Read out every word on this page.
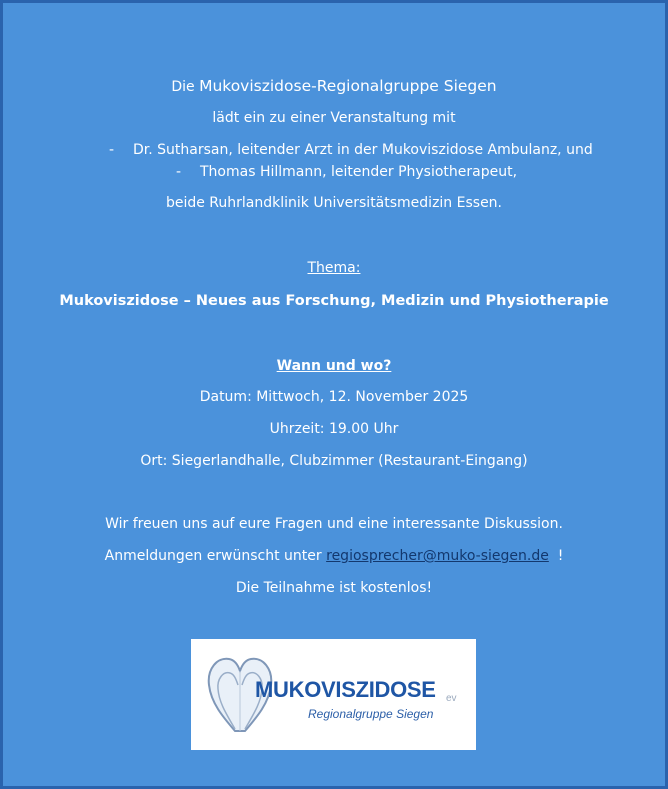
Die Mukoviszidose-Regionalgruppe Siegen
lädt ein zu einer Veranstaltung mit
- Dr. Sutharsan, leitender Arzt in der Mukoviszidose Ambulanz, und
- Thomas Hillmann, leitender Physiotherapeut,
beide Ruhrlandklinik Universitätsmedizin Essen.
Thema:
Mukoviszidose – Neues aus Forschung, Medizin und Physiotherapie
Wann und wo?
Datum: Mittwoch, 12. November 2025
Uhrzeit: 19.00 Uhr
Ort: Siegerlandhalle, Clubzimmer (Restaurant-Eingang)
Wir freuen uns auf eure Fragen und eine interessante Diskussion.
Anmeldungen erwünscht unter regiosprecher@muko-siegen.de  !
Die Teilnahme ist kostenlos!
MUKOVISZIDOSE ev
Regionalgruppe Siegen
